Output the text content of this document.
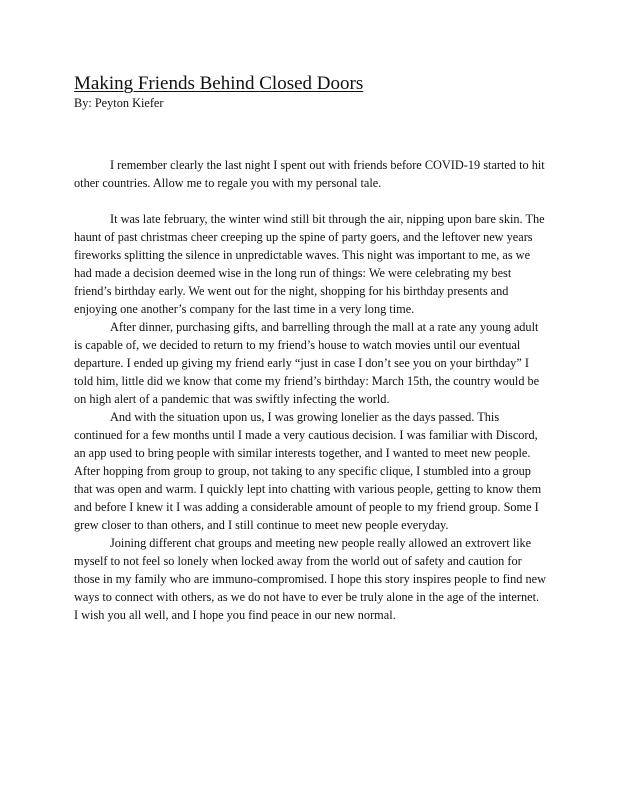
Making Friends Behind Closed Doors

By: Peyton Kiefer

I remember clearly the last night I spent out with friends before COVID-19 started to hit other countries. Allow me to regale you with my personal tale.

It was late february, the winter wind still bit through the air, nipping upon bare skin. The haunt of past christmas cheer creeping up the spine of party goers, and the leftover new years fireworks splitting the silence in unpredictable waves. This night was important to me, as we had made a decision deemed wise in the long run of things: We were celebrating my best friend’s birthday early. We went out for the night, shopping for his birthday presents and enjoying one another’s company for the last time in a very long time.

After dinner, purchasing gifts, and barrelling through the mall at a rate any young adult is capable of, we decided to return to my friend’s house to watch movies until our eventual departure. I ended up giving my friend early “just in case I don’t see you on your birthday” I told him, little did we know that come my friend’s birthday: March 15th, the country would be on high alert of a pandemic that was swiftly infecting the world.

And with the situation upon us, I was growing lonelier as the days passed. This continued for a few months until I made a very cautious decision. I was familiar with Discord, an app used to bring people with similar interests together, and I wanted to meet new people. After hopping from group to group, not taking to any specific clique, I stumbled into a group that was open and warm. I quickly lept into chatting with various people, getting to know them and before I knew it I was adding a considerable amount of people to my friend group. Some I grew closer to than others, and I still continue to meet new people everyday.

Joining different chat groups and meeting new people really allowed an extrovert like myself to not feel so lonely when locked away from the world out of safety and caution for those in my family who are immuno-compromised. I hope this story inspires people to find new ways to connect with others, as we do not have to ever be truly alone in the age of the internet. I wish you all well, and I hope you find peace in our new normal.
